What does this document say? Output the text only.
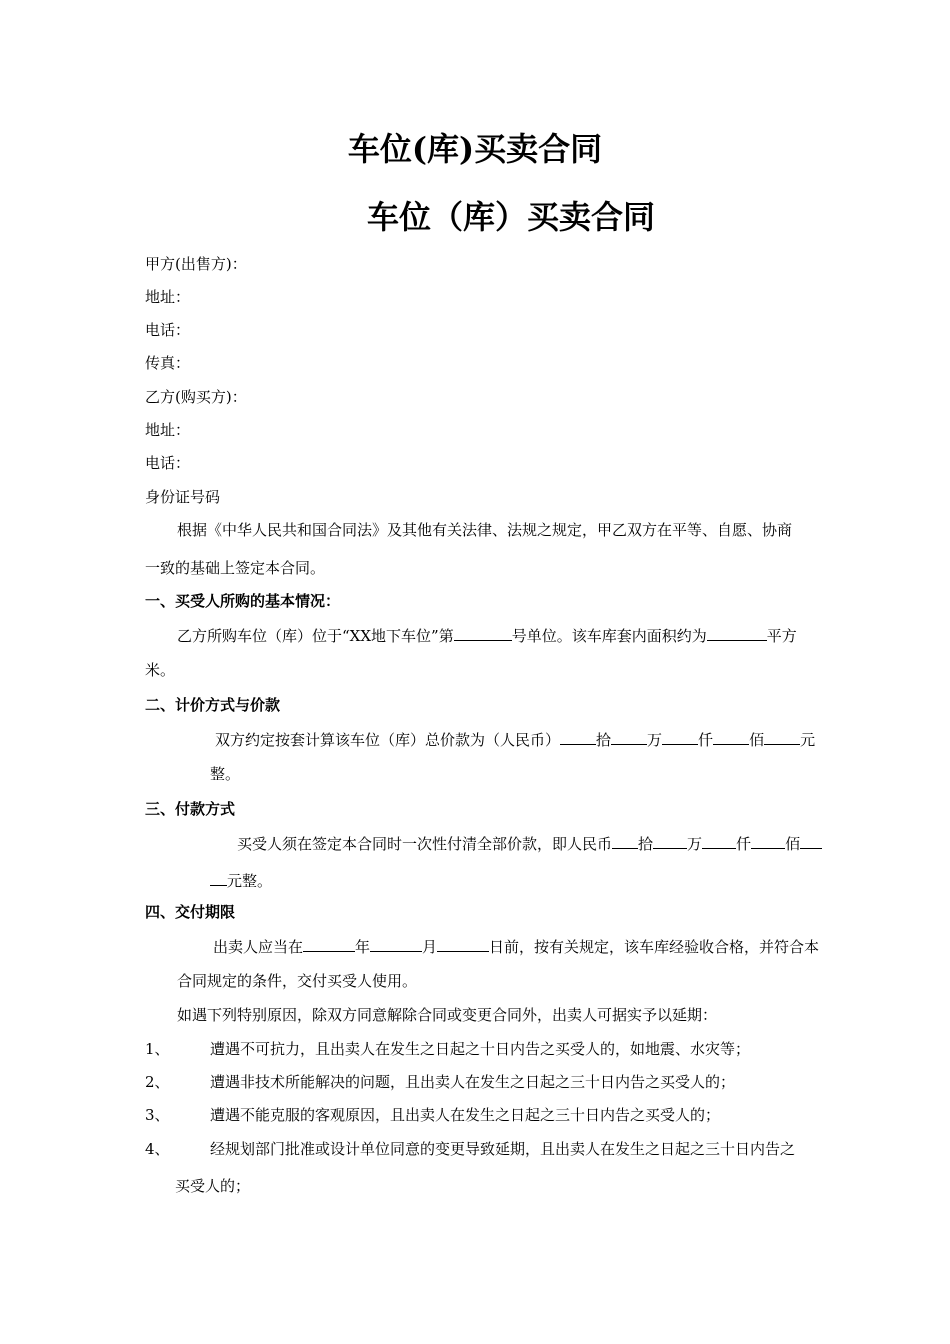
车位(库)买卖合同
车位（库）买卖合同
甲方(出售方)：
地址：
电话：
传真：
乙方(购买方)：
地址：
电话：
身份证号码
根据《中华人民共和国合同法》及其他有关法律、法规之规定，甲乙双方在平等、自愿、协商
一致的基础上签定本合同。
一、买受人所购的基本情况：
乙方所购车位（库）位于“XX地下车位”第	号单位。该车库套内面积约为	平方
米。
二、计价方式与价款
双方约定按套计算该车位（库）总价款为（人民币） 拾 万 仟 佰 元
整。
三、付款方式
买受人须在签定本合同时一次性付清全部价款，即人民币 拾 万 仟 佰
元整。
四、交付期限
出卖人应当在	年	月	日前，按有关规定，该车库经验收合格，并符合本
合同规定的条件，交付买受人使用。
如遇下列特别原因，除双方同意解除合同或变更合同外，出卖人可据实予以延期：
1、	遭遇不可抗力，且出卖人在发生之日起之十日内告之买受人的，如地震、水灾等；
2、	遭遇非技术所能解决的问题，且出卖人在发生之日起之三十日内告之买受人的；
3、	遭遇不能克服的客观原因，且出卖人在发生之日起之三十日内告之买受人的；
4、	经规划部门批准或设计单位同意的变更导致延期，且出卖人在发生之日起之三十日内告之
买受人的；
